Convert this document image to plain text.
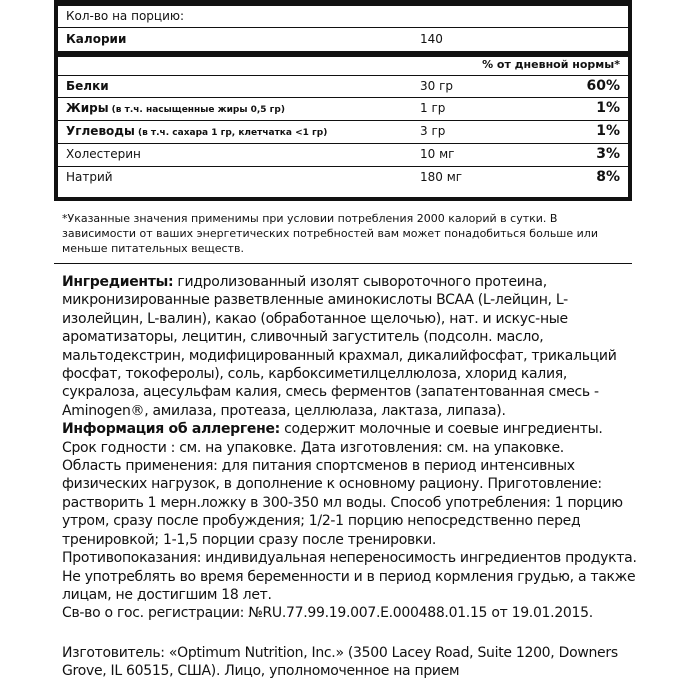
Кол-во на порцию:
Калории	140
% от дневной нормы*
Белки	30 гр	60%
Жиры (в т.ч. насыщенные жиры 0,5 гр)	1 гр	1%
Углеводы (в т.ч. сахара 1 гр, клетчатка <1 гр)	3 гр	1%
Холестерин	10 мг	3%
Натрий	180 мг	8%
*Указанные значения применимы при условии потребления 2000 калорий в сутки. В зависимости от ваших энергетических потребностей вам может понадобиться больше или меньше питательных веществ.

Ингредиенты: гидролизованный изолят сывороточного протеина, микронизированные разветвленные аминокислоты BCAA (L-лейцин, L-изолейцин, L-валин), какао (обработанное щелочью), нат. и искус-ные ароматизаторы, лецитин, сливочный загуститель (подсолн. масло, мальтодекстрин, модифицированный крахмал, дикалийфосфат, трикальций фосфат, токоферолы), соль, карбоксиметилцеллюлоза, хлорид калия, сукралоза, ацесульфам калия, смесь ферментов (запатентованная смесь - Aminogen®, амилаза, протеаза, целлюлаза, лактаза, липаза).

Информация об аллергене: содержит молочные и соевые ингредиенты.

Срок годности : см. на упаковке. Дата изготовления: см. на упаковке.

Область применения: для питания спортсменов в период интенсивных физических нагрузок, в дополнение к основному рациону. Приготовление: растворить 1 мерн.ложку в 300-350 мл воды. Способ употребления: 1 порцию утром, сразу после пробуждения; 1/2-1 порцию непосредственно перед тренировкой; 1-1,5 порции сразу после тренировки.

Противопоказания: индивидуальная непереносимость ингредиентов продукта. Не употреблять во время беременности и в период кормления грудью, а также лицам, не достигшим 18 лет.

Св-во о гос. регистрации: №RU.77.99.19.007.E.000488.01.15 от 19.01.2015.

Изготовитель: «Optimum Nutrition, Inc.» (3500 Lacey Road, Suite 1200, Downers Grove, IL 60515, США). Лицо, уполномоченное на прием
